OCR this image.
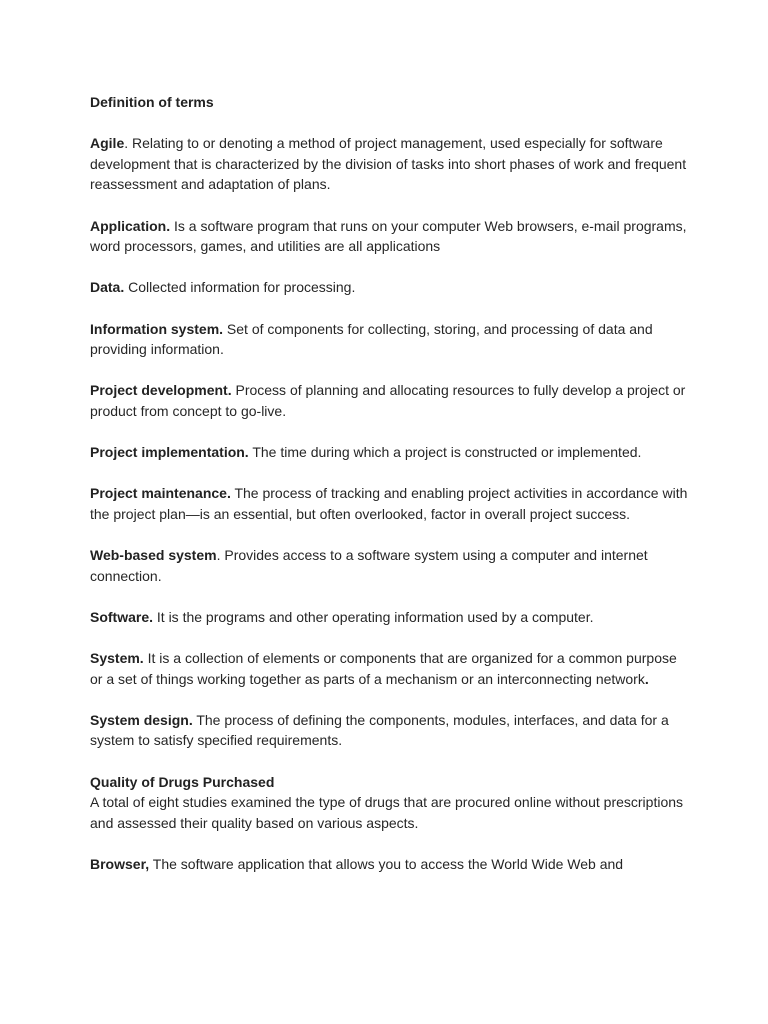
Definition of terms

Agile. Relating to or denoting a method of project management, used especially for software development that is characterized by the division of tasks into short phases of work and frequent reassessment and adaptation of plans.

Application. Is a software program that runs on your computer Web browsers, e-mail programs, word processors, games, and utilities are all applications

Data. Collected information for processing.

Information system. Set of components for collecting, storing, and processing of data and providing information.

Project development. Process of planning and allocating resources to fully develop a project or product from concept to go-live.

Project implementation. The time during which a project is constructed or implemented.

Project maintenance. The process of tracking and enabling project activities in accordance with the project plan—is an essential, but often overlooked, factor in overall project success.

Web-based system. Provides access to a software system using a computer and internet connection.

Software. It is the programs and other operating information used by a computer.

System. It is a collection of elements or components that are organized for a common purpose or a set of things working together as parts of a mechanism or an interconnecting network.

System design. The process of defining the components, modules, interfaces, and data for a system to satisfy specified requirements.

Quality of Drugs Purchased
A total of eight studies examined the type of drugs that are procured online without prescriptions and assessed their quality based on various aspects.

Browser, The software application that allows you to access the World Wide Web and
